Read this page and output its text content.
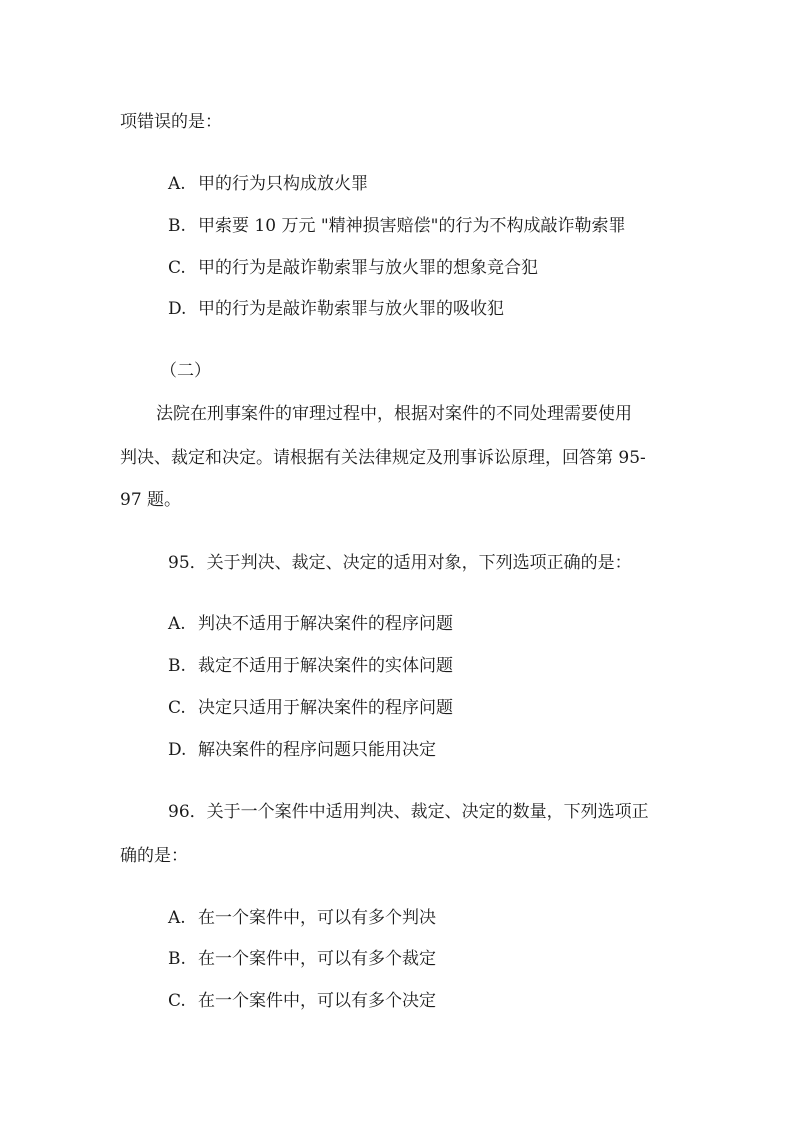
项错误的是：
A. 甲的行为只构成放火罪
B. 甲索要 10 万元 "精神损害赔偿"的行为不构成敲诈勒索罪
C. 甲的行为是敲诈勒索罪与放火罪的想象竞合犯
D. 甲的行为是敲诈勒索罪与放火罪的吸收犯
（二）
法院在刑事案件的审理过程中，根据对案件的不同处理需要使用
判决、裁定和决定。请根据有关法律规定及刑事诉讼原理，回答第 95-
97 题。
95．关于判决、裁定、决定的适用对象，下列选项正确的是：
A. 判决不适用于解决案件的程序问题
B. 裁定不适用于解决案件的实体问题
C. 决定只适用于解决案件的程序问题
D. 解决案件的程序问题只能用决定
96．关于一个案件中适用判决、裁定、决定的数量，下列选项正
确的是：
A. 在一个案件中，可以有多个判决
B. 在一个案件中，可以有多个裁定
C. 在一个案件中，可以有多个决定
